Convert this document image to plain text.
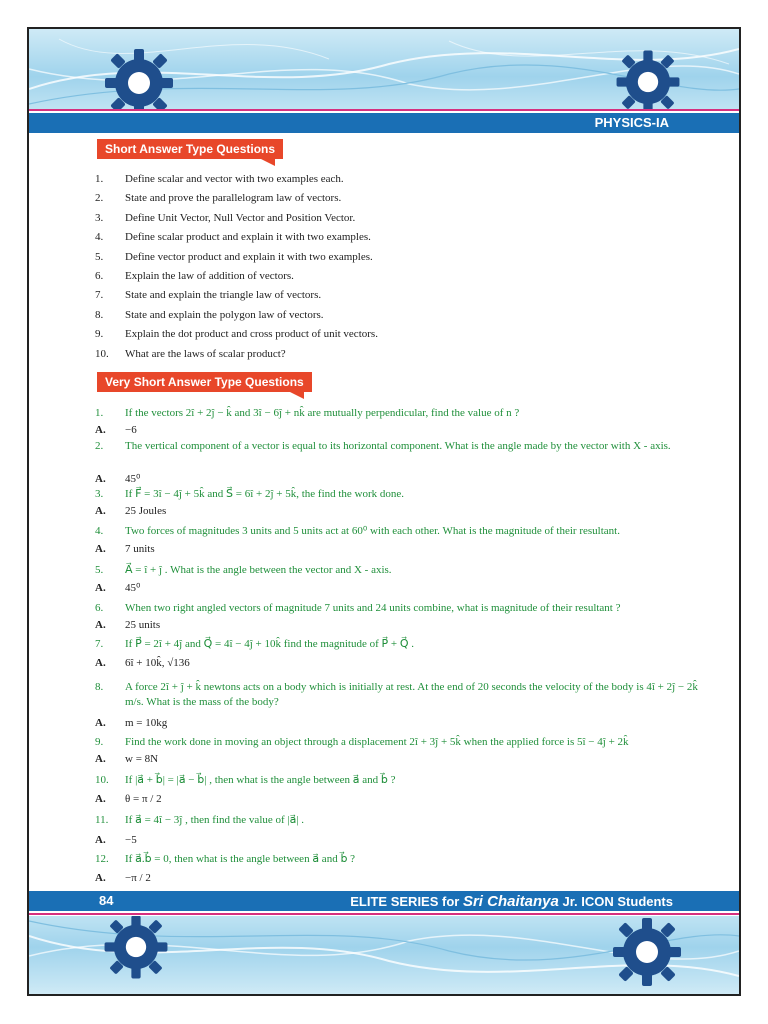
PHYSICS-IA
Short Answer Type Questions
1. Define scalar and vector with two examples each.
2. State and prove the parallelogram law of vectors.
3. Define Unit Vector, Null Vector and Position Vector.
4. Define scalar product and explain it with two examples.
5. Define vector product and explain it with two examples.
6. Explain the law of addition of vectors.
7. State and explain the triangle law of vectors.
8. State and explain the polygon law of vectors.
9. Explain the dot product and cross product of unit vectors.
10. What are the laws of scalar product?
Very Short Answer Type Questions
1. If the vectors 2î + 2ĵ − k̂ and 3î − 6ĵ + nk̂ are mutually perpendicular, find the value of n ?
A. −6
2. The vertical component of a vector is equal to its horizontal component. What is the angle made by the vector with X - axis.
A. 45⁰
3. If F⃗ = 3î − 4ĵ + 5k̂ and S⃗ = 6î + 2ĵ + 5k̂, the find the work done.
A. 25 Joules
4. Two forces of magnitudes 3 units and 5 units act at 60⁰ with each other. What is the magnitude of their resultant.
A. 7 units
5. A⃗ = î + ĵ . What is the angle between the vector and X - axis.
A. 45⁰
6. When two right angled vectors of magnitude 7 units and 24 units combine, what is magnitude of their resultant ?
A. 25 units
7. If P⃗ = 2î + 4ĵ and Q⃗ = 4î − 4ĵ + 10k̂ find the magnitude of P⃗ + Q⃗ .
A. 6î + 10k̂, √136
8. A force 2î + ĵ + k̂ newtons acts on a body which is initially at rest. At the end of 20 seconds the velocity of the body is 4î + 2ĵ − 2k̂ m/s. What is the mass of the body?
A. m = 10kg
9. Find the work done in moving an object through a displacement 2î + 3ĵ + 5k̂ when the applied force is 5î − 4ĵ + 2k̂
A. w = 8N
10. If |a⃗ + b⃗| = |a⃗ − b⃗| , then what is the angle between a⃗ and b⃗ ?
A. θ = π / 2
11. If a⃗ = 4î − 3ĵ , then find the value of |a⃗| .
A. −5
12. If a⃗.b⃗ = 0, then what is the angle between a⃗ and b⃗ ?
A. −π / 2
84	ELITE SERIES for Sri Chaitanya Jr. ICON Students
